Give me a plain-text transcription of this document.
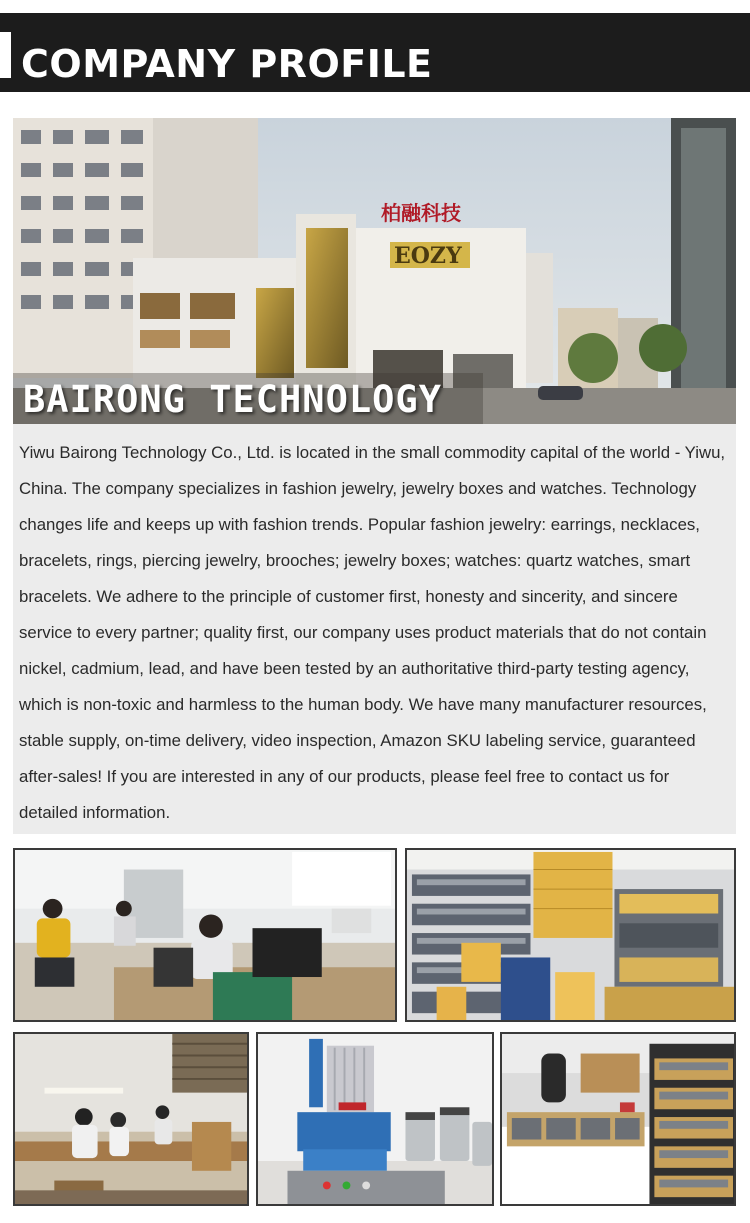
COMPANY PROFILE
柏融科技
EOZY
BAIRONG TECHNOLOGY

Yiwu Bairong Technology Co., Ltd. is located in the small commodity capital of the world - Yiwu, China. The company specializes in fashion jewelry, jewelry boxes and watches. Technology changes life and keeps up with fashion trends. Popular fashion jewelry: earrings, necklaces, bracelets, rings, piercing jewelry, brooches; jewelry boxes; watches: quartz watches, smart bracelets. We adhere to the principle of customer first, honesty and sincerity, and sincere service to every partner; quality first, our company uses product materials that do not contain nickel, cadmium, lead, and have been tested by an authoritative third-party testing agency, which is non-toxic and harmless to the human body. We have many manufacturer resources, stable supply, on-time delivery, video inspection, Amazon SKU labeling service, guaranteed after-sales! If you are interested in any of our products, please feel free to contact us for detailed information.
